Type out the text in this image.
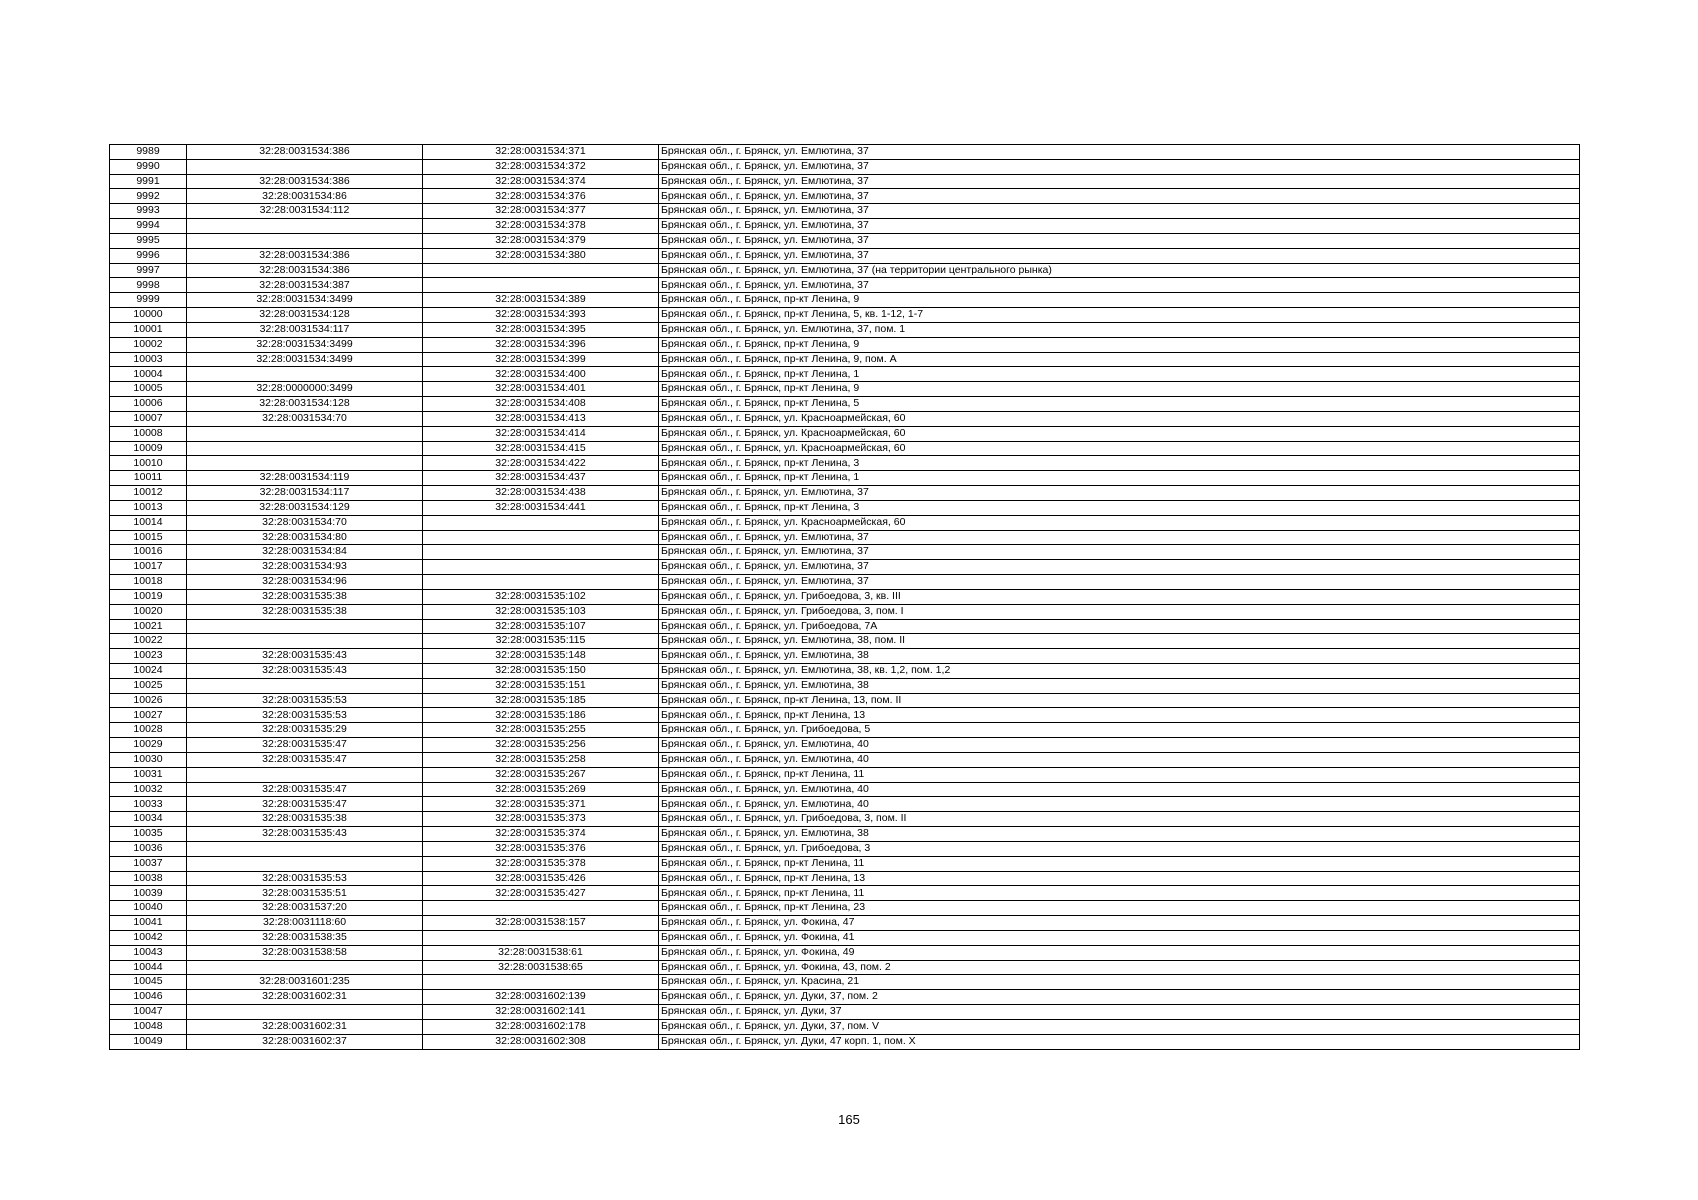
9989	32:28:0031534:386	32:28:0031534:371	Брянская обл., г. Брянск, ул. Емлютина, 37
9990		32:28:0031534:372	Брянская обл., г. Брянск, ул. Емлютина, 37
9991	32:28:0031534:386	32:28:0031534:374	Брянская обл., г. Брянск, ул. Емлютина, 37
9992	32:28:0031534:86	32:28:0031534:376	Брянская обл., г. Брянск, ул. Емлютина, 37
9993	32:28:0031534:112	32:28:0031534:377	Брянская обл., г. Брянск, ул. Емлютина, 37
9994		32:28:0031534:378	Брянская обл., г. Брянск, ул. Емлютина, 37
9995		32:28:0031534:379	Брянская обл., г. Брянск, ул. Емлютина, 37
9996	32:28:0031534:386	32:28:0031534:380	Брянская обл., г. Брянск, ул. Емлютина, 37
9997	32:28:0031534:386		Брянская обл., г. Брянск, ул. Емлютина, 37 (на территории центрального рынка)
9998	32:28:0031534:387		Брянская обл., г. Брянск, ул. Емлютина, 37
9999	32:28:0031534:3499	32:28:0031534:389	Брянская обл., г. Брянск, пр-кт Ленина, 9
10000	32:28:0031534:128	32:28:0031534:393	Брянская обл., г. Брянск, пр-кт Ленина, 5, кв. 1-12, 1-7
10001	32:28:0031534:117	32:28:0031534:395	Брянская обл., г. Брянск, ул. Емлютина, 37, пом. 1
10002	32:28:0031534:3499	32:28:0031534:396	Брянская обл., г. Брянск, пр-кт Ленина, 9
10003	32:28:0031534:3499	32:28:0031534:399	Брянская обл., г. Брянск, пр-кт Ленина, 9, пом. А
10004		32:28:0031534:400	Брянская обл., г. Брянск, пр-кт Ленина, 1
10005	32:28:0000000:3499	32:28:0031534:401	Брянская обл., г. Брянск, пр-кт Ленина, 9
10006	32:28:0031534:128	32:28:0031534:408	Брянская обл., г. Брянск, пр-кт Ленина, 5
10007	32:28:0031534:70	32:28:0031534:413	Брянская обл., г. Брянск, ул. Красноармейская, 60
10008		32:28:0031534:414	Брянская обл., г. Брянск, ул. Красноармейская, 60
10009		32:28:0031534:415	Брянская обл., г. Брянск, ул. Красноармейская, 60
10010		32:28:0031534:422	Брянская обл., г. Брянск, пр-кт Ленина, 3
10011	32:28:0031534:119	32:28:0031534:437	Брянская обл., г. Брянск, пр-кт Ленина, 1
10012	32:28:0031534:117	32:28:0031534:438	Брянская обл., г. Брянск, ул. Емлютина, 37
10013	32:28:0031534:129	32:28:0031534:441	Брянская обл., г. Брянск, пр-кт Ленина, 3
10014	32:28:0031534:70		Брянская обл., г. Брянск, ул. Красноармейская, 60
10015	32:28:0031534:80		Брянская обл., г. Брянск, ул. Емлютина, 37
10016	32:28:0031534:84		Брянская обл., г. Брянск, ул. Емлютина, 37
10017	32:28:0031534:93		Брянская обл., г. Брянск, ул. Емлютина, 37
10018	32:28:0031534:96		Брянская обл., г. Брянск, ул. Емлютина, 37
10019	32:28:0031535:38	32:28:0031535:102	Брянская обл., г. Брянск, ул. Грибоедова, 3, кв. III
10020	32:28:0031535:38	32:28:0031535:103	Брянская обл., г. Брянск, ул. Грибоедова, 3, пом. I
10021		32:28:0031535:107	Брянская обл., г. Брянск, ул. Грибоедова, 7А
10022		32:28:0031535:115	Брянская обл., г. Брянск, ул. Емлютина, 38, пом. II
10023	32:28:0031535:43	32:28:0031535:148	Брянская обл., г. Брянск, ул. Емлютина, 38
10024	32:28:0031535:43	32:28:0031535:150	Брянская обл., г. Брянск, ул. Емлютина, 38, кв. 1,2, пом. 1,2
10025		32:28:0031535:151	Брянская обл., г. Брянск, ул. Емлютина, 38
10026	32:28:0031535:53	32:28:0031535:185	Брянская обл., г. Брянск, пр-кт Ленина, 13, пом. II
10027	32:28:0031535:53	32:28:0031535:186	Брянская обл., г. Брянск, пр-кт Ленина, 13
10028	32:28:0031535:29	32:28:0031535:255	Брянская обл., г. Брянск, ул. Грибоедова, 5
10029	32:28:0031535:47	32:28:0031535:256	Брянская обл., г. Брянск, ул. Емлютина, 40
10030	32:28:0031535:47	32:28:0031535:258	Брянская обл., г. Брянск, ул. Емлютина, 40
10031		32:28:0031535:267	Брянская обл., г. Брянск, пр-кт Ленина, 11
10032	32:28:0031535:47	32:28:0031535:269	Брянская обл., г. Брянск, ул. Емлютина, 40
10033	32:28:0031535:47	32:28:0031535:371	Брянская обл., г. Брянск, ул. Емлютина, 40
10034	32:28:0031535:38	32:28:0031535:373	Брянская обл., г. Брянск, ул. Грибоедова, 3, пом. II
10035	32:28:0031535:43	32:28:0031535:374	Брянская обл., г. Брянск, ул. Емлютина, 38
10036		32:28:0031535:376	Брянская обл., г. Брянск, ул. Грибоедова, 3
10037		32:28:0031535:378	Брянская обл., г. Брянск, пр-кт Ленина, 11
10038	32:28:0031535:53	32:28:0031535:426	Брянская обл., г. Брянск, пр-кт Ленина, 13
10039	32:28:0031535:51	32:28:0031535:427	Брянская обл., г. Брянск, пр-кт Ленина, 11
10040	32:28:0031537:20		Брянская обл., г. Брянск, пр-кт Ленина, 23
10041	32:28:0031118:60	32:28:0031538:157	Брянская обл., г. Брянск, ул. Фокина, 47
10042	32:28:0031538:35		Брянская обл., г. Брянск, ул. Фокина, 41
10043	32:28:0031538:58	32:28:0031538:61	Брянская обл., г. Брянск, ул. Фокина, 49
10044		32:28:0031538:65	Брянская обл., г. Брянск, ул. Фокина, 43, пом. 2
10045	32:28:0031601:235		Брянская обл., г. Брянск, ул. Красина, 21
10046	32:28:0031602:31	32:28:0031602:139	Брянская обл., г. Брянск, ул. Дуки, 37, пом. 2
10047		32:28:0031602:141	Брянская обл., г. Брянск, ул. Дуки, 37
10048	32:28:0031602:31	32:28:0031602:178	Брянская обл., г. Брянск, ул. Дуки, 37, пом. V
10049	32:28:0031602:37	32:28:0031602:308	Брянская обл., г. Брянск, ул. Дуки, 47 корп. 1, пом. X
165
